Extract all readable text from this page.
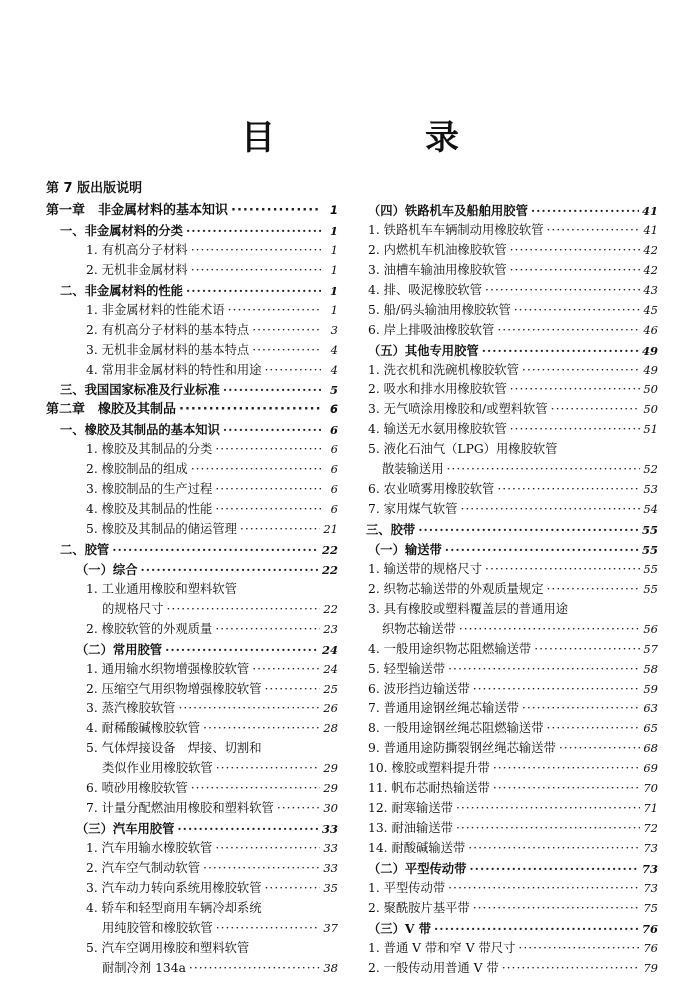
目　录
第 7 版出版说明
第一章　非金属材料的基本知识 ·····	1
一、非金属材料的分类 ·····	1
1. 有机高分子材料 ·····	1
2. 无机非金属材料 ·····	1
二、非金属材料的性能 ·····	1
1. 非金属材料的性能术语 ·····	1
2. 有机高分子材料的基本特点 ·····	3
3. 无机非金属材料的基本特点 ·····	4
4. 常用非金属材料的特性和用途 ·····	4
三、我国国家标准及行业标准 ·····	5
第二章　橡胶及其制品 ·····	6
一、橡胶及其制品的基本知识 ·····	6
1. 橡胶及其制品的分类 ·····	6
2. 橡胶制品的组成 ·····	6
3. 橡胶制品的生产过程 ·····	6
4. 橡胶及其制品的性能 ·····	6
5. 橡胶及其制品的储运管理 ·····	21
二、胶管 ·····	22
（一）综合 ·····	22
1. 工业通用橡胶和塑料软管
的规格尺寸 ·····	22
2. 橡胶软管的外观质量 ·····	23
（二）常用胶管 ·····	24
1. 通用输水织物增强橡胶软管 ·····	24
2. 压缩空气用织物增强橡胶软管 ·····	25
3. 蒸汽橡胶软管 ·····	26
4. 耐稀酸碱橡胶软管 ·····	28
5. 气体焊接设备　焊接、切割和
类似作业用橡胶软管 ·····	29
6. 喷砂用橡胶软管 ·····	29
7. 计量分配燃油用橡胶和塑料软管 ·····	30
（三）汽车用胶管 ·····	33
1. 汽车用输水橡胶软管 ·····	33
2. 汽车空气制动软管 ·····	33
3. 汽车动力转向系统用橡胶软管 ·····	35
4. 轿车和轻型商用车辆冷却系统
用纯胶管和橡胶软管 ·····	37
5. 汽车空调用橡胶和塑料软管
耐制冷剂 134a ·····	38
（四）铁路机车及船舶用胶管 ·····	41
1. 铁路机车车辆制动用橡胶软管 ·····	41
2. 内燃机车机油橡胶软管 ·····	42
3. 油槽车输油用橡胶软管 ·····	42
4. 排、吸泥橡胶软管 ·····	43
5. 船/码头输油用橡胶软管 ·····	45
6. 岸上排吸油橡胶软管 ·····	46
（五）其他专用胶管 ·····	49
1. 洗衣机和洗碗机橡胶软管 ·····	49
2. 吸水和排水用橡胶软管 ·····	50
3. 无气喷涂用橡胶和/或塑料软管 ·····	50
4. 输送无水氨用橡胶软管 ·····	51
5. 液化石油气（LPG）用橡胶软管
散装输送用 ·····	52
6. 农业喷雾用橡胶软管 ·····	53
7. 家用煤气软管 ·····	54
三、胶带 ·····	55
（一）输送带 ·····	55
1. 输送带的规格尺寸 ·····	55
2. 织物芯输送带的外观质量规定 ·····	55
3. 具有橡胶或塑料覆盖层的普通用途
织物芯输送带 ·····	56
4. 一般用途织物芯阻燃输送带 ·····	57
5. 轻型输送带 ·····	58
6. 波形挡边输送带 ·····	59
7. 普通用途钢丝绳芯输送带 ·····	63
8. 一般用途钢丝绳芯阻燃输送带 ·····	65
9. 普通用途防撕裂钢丝绳芯输送带 ·····	68
10. 橡胶或塑料提升带 ·····	69
11. 帆布芯耐热输送带 ·····	70
12. 耐寒输送带 ·····	71
13. 耐油输送带 ·····	72
14. 耐酸碱输送带 ·····	73
（二）平型传动带 ·····	73
1. 平型传动带 ·····	73
2. 聚酰胺片基平带 ·····	75
（三）V 带 ·····	76
1. 普通 V 带和窄 V 带尺寸 ·····	76
2. 一般传动用普通 V 带 ·····	79
